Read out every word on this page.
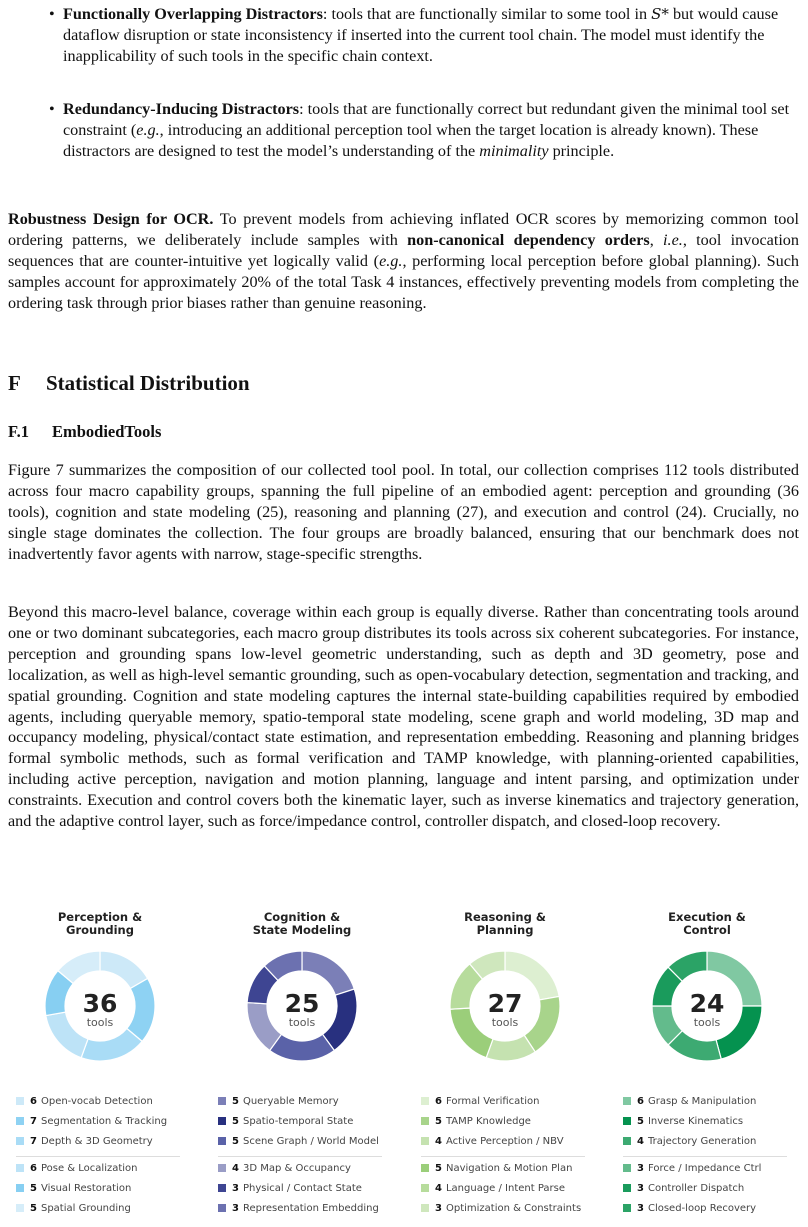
• Functionally Overlapping Distractors: tools that are functionally similar to some tool in S* but would cause dataflow disruption or state inconsistency if inserted into the current tool chain. The model must identify the inapplicability of such tools in the specific chain context.
• Redundancy-Inducing Distractors: tools that are functionally correct but redundant given the minimal tool set constraint (e.g., introducing an additional perception tool when the target location is already known). These distractors are designed to test the model’s understanding of the minimality principle.
Robustness Design for OCR. To prevent models from achieving inflated OCR scores by memorizing common tool ordering patterns, we deliberately include samples with non-canonical dependency orders, i.e., tool invocation sequences that are counter-intuitive yet logically valid (e.g., performing local perception before global planning). Such samples account for approximately 20% of the total Task 4 instances, effectively preventing models from completing the ordering task through prior biases rather than genuine reasoning.
F Statistical Distribution
F.1 EmbodiedTools
Figure 7 summarizes the composition of our collected tool pool. In total, our collection comprises 112 tools distributed across four macro capability groups, spanning the full pipeline of an embodied agent: perception and grounding (36 tools), cognition and state modeling (25), reasoning and planning (27), and execution and control (24). Crucially, no single stage dominates the collection. The four groups are broadly balanced, ensuring that our benchmark does not inadvertently favor agents with narrow, stage-specific strengths.
Beyond this macro-level balance, coverage within each group is equally diverse. Rather than concentrating tools around one or two dominant subcategories, each macro group distributes its tools across six coherent subcategories. For instance, perception and grounding spans low-level geometric understanding, such as depth and 3D geometry, pose and localization, as well as high-level semantic grounding, such as open-vocabulary detection, segmentation and tracking, and spatial grounding. Cognition and state modeling captures the internal state-building capabilities required by embodied agents, including queryable memory, spatio-temporal state modeling, scene graph and world modeling, 3D map and occupancy modeling, physical/contact state estimation, and representation embedding. Reasoning and planning bridges formal symbolic methods, such as formal verification and TAMP knowledge, with planning-oriented capabilities, including active perception, navigation and motion planning, language and intent parsing, and optimization under constraints. Execution and control covers both the kinematic layer, such as inverse kinematics and trajectory generation, and the adaptive control layer, such as force/impedance control, controller dispatch, and closed-loop recovery.
Perception &
Grounding
36
tools
6 Open-vocab Detection
7 Segmentation & Tracking
7 Depth & 3D Geometry
6 Pose & Localization
5 Visual Restoration
5 Spatial Grounding
Cognition &
State Modeling
25
tools
5 Queryable Memory
5 Spatio-temporal State
5 Scene Graph / World Model
4 3D Map & Occupancy
3 Physical / Contact State
3 Representation Embedding
Reasoning &
Planning
27
tools
6 Formal Verification
5 TAMP Knowledge
4 Active Perception / NBV
5 Navigation & Motion Plan
4 Language / Intent Parse
3 Optimization & Constraints
Execution &
Control
24
tools
6 Grasp & Manipulation
5 Inverse Kinematics
4 Trajectory Generation
3 Force / Impedance Ctrl
3 Controller Dispatch
3 Closed-loop Recovery
